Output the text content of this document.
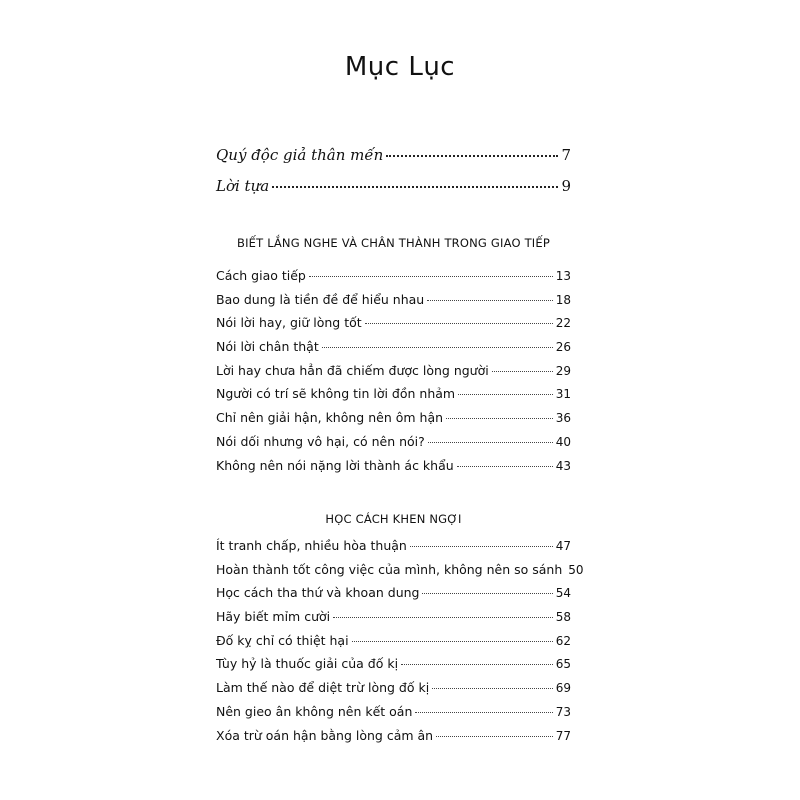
Mục Lục
Quý độc giả thân mến	7
Lời tựa	9
BIẾT LẮNG NGHE VÀ CHÂN THÀNH TRONG GIAO TIẾP
Cách giao tiếp	13
Bao dung là tiền đề để hiểu nhau	18
Nói lời hay, giữ lòng tốt	22
Nói lời chân thật	26
Lời hay chưa hẳn đã chiếm được lòng người	29
Người có trí sẽ không tin lời đồn nhảm	31
Chỉ nên giải hận, không nên ôm hận	36
Nói dối nhưng vô hại, có nên nói?	40
Không nên nói nặng lời thành ác khẩu	43
HỌC CÁCH KHEN NGỢI
Ít tranh chấp, nhiều hòa thuận	47
Hoàn thành tốt công việc của mình, không nên so sánh 50
Học cách tha thứ và khoan dung	54
Hãy biết mỉm cười	58
Đố kỵ chỉ có thiệt hại	62
Tùy hỷ là thuốc giải của đố kị	65
Làm thế nào để diệt trừ lòng đố kị	69
Nên gieo ân không nên kết oán	73
Xóa trừ oán hận bằng lòng cảm ân	77
